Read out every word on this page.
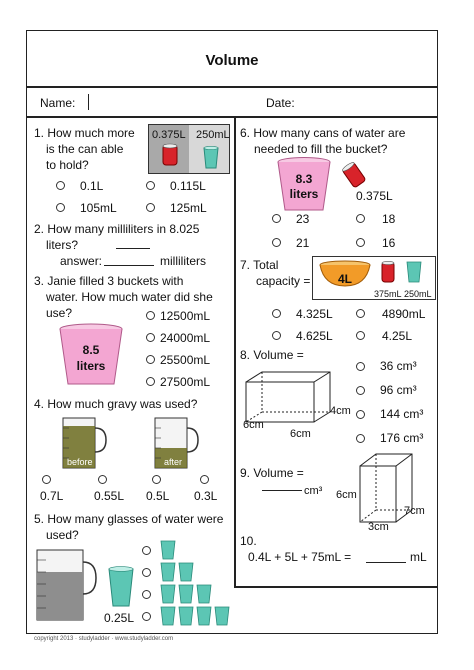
Volume
Name:	Date:
1. How much more
is the can able
to hold?
0.375L 250mL
0.1L	0.115L
105mL	125mL
2. How many milliliters in 8.025
liters?
answer:	milliliters
3. Janie filled 3 buckets with
water. How much water did she
use?
8.5
liters
12500mL
24000mL
25500mL
27500mL
4. How much gravy was used?
before	after
0.7L	0.55L 0.5L 0.3L
5. How many glasses of water were
used?
0.25L
6. How many cans of water are
needed to fill the bucket?
8.3
liters	0.375L
23	18
21	16
7. Total
capacity =	4L
375mL 250mL
4.325L	4890mL
4.625L	4.25L
8. Volume =
4cm
6cm
6cm
36 cm³
96 cm³
144 cm³
176 cm³
9. Volume =
cm³ 6cm
7cm
3cm
10.
0.4L + 5L + 75mL =	mL
copyright 2013 · studyladder · www.studyladder.com
